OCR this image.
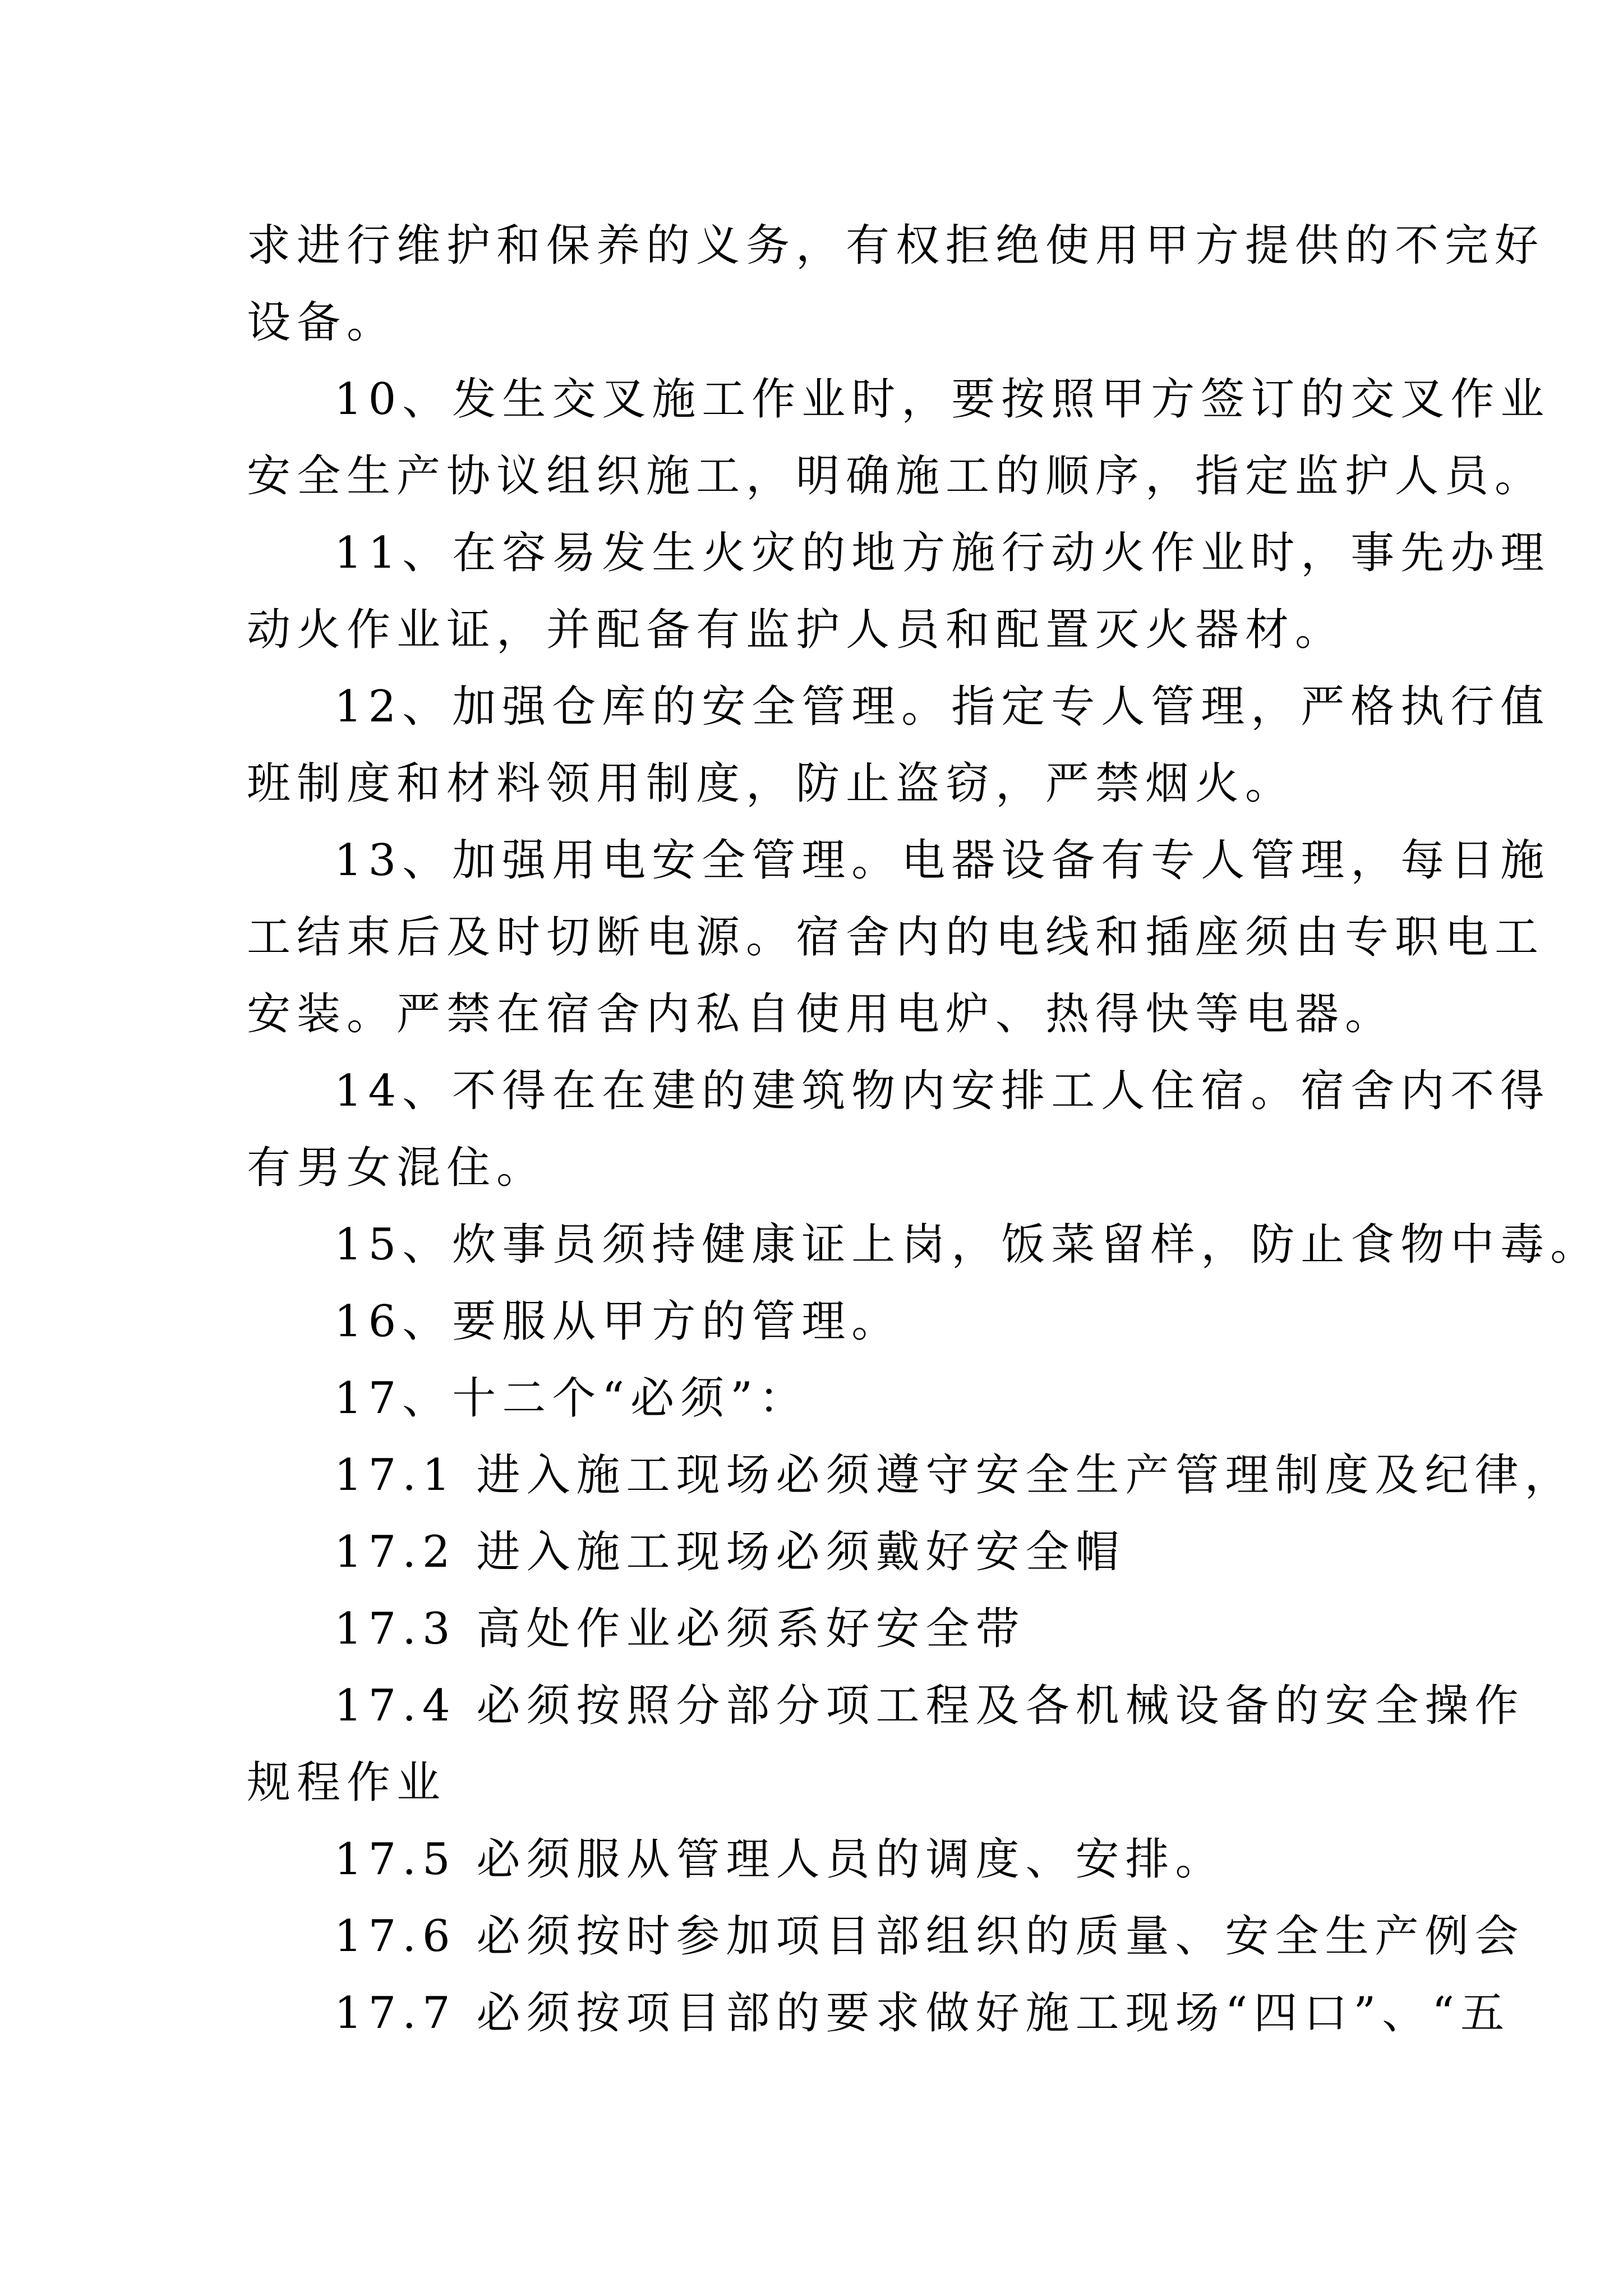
求进行维护和保养的义务，有权拒绝使用甲方提供的不完好
设备。
10、发生交叉施工作业时，要按照甲方签订的交叉作业
安全生产协议组织施工，明确施工的顺序，指定监护人员。
11、在容易发生火灾的地方施行动火作业时，事先办理
动火作业证，并配备有监护人员和配置灭火器材。
12、加强仓库的安全管理。指定专人管理，严格执行值
班制度和材料领用制度，防止盗窃，严禁烟火。
13、加强用电安全管理。电器设备有专人管理，每日施
工结束后及时切断电源。宿舍内的电线和插座须由专职电工
安装。严禁在宿舍内私自使用电炉、热得快等电器。
14、不得在在建的建筑物内安排工人住宿。宿舍内不得
有男女混住。
15、炊事员须持健康证上岗，饭菜留样，防止食物中毒。
16、要服从甲方的管理。
17、十二个“必须”：
17.1 进入施工现场必须遵守安全生产管理制度及纪律，
17.2 进入施工现场必须戴好安全帽
17.3 高处作业必须系好安全带
17.4 必须按照分部分项工程及各机械设备的安全操作
规程作业
17.5 必须服从管理人员的调度、安排。
17.6 必须按时参加项目部组织的质量、安全生产例会
17.7 必须按项目部的要求做好施工现场“四口”、“五
